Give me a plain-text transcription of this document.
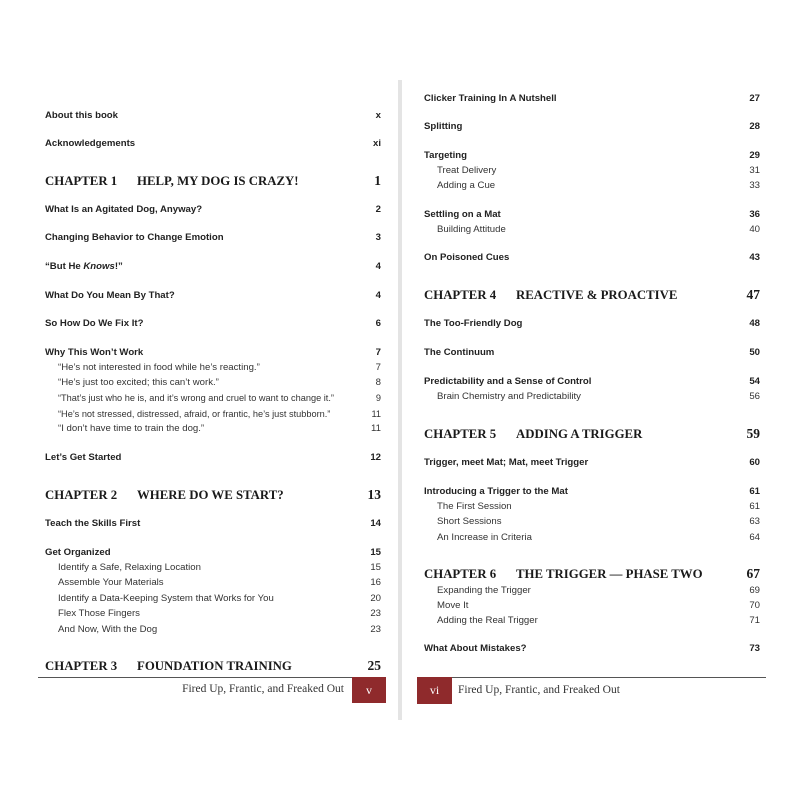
About this book	x
Acknowledgements	xi
CHAPTER 1 HELP, MY DOG IS CRAZY!	1
What Is an Agitated Dog, Anyway?	2
Changing Behavior to Change Emotion	3
“But He Knows!”	4
What Do You Mean By That?	4
So How Do We Fix It?	6
Why This Won’t Work	7
“He’s not interested in food while he’s reacting.”	7
“He’s just too excited; this can’t work.”	8
“That’s just who he is, and it’s wrong and cruel to want to change it.”	9
“He’s not stressed, distressed, afraid, or frantic, he’s just stubborn.”	11
“I don’t have time to train the dog.”	11
Let’s Get Started	12
CHAPTER 2 WHERE DO WE START?	13
Teach the Skills First	14
Get Organized	15
Identify a Safe, Relaxing Location	15
Assemble Your Materials	16
Identify a Data-Keeping System that Works for You	20
Flex Those Fingers	23
And Now, With the Dog	23
CHAPTER 3 FOUNDATION TRAINING	25
Fired Up, Frantic, and Freaked Out	v
Clicker Training In A Nutshell	27
Splitting	28
Targeting	29
Treat Delivery	31
Adding a Cue	33
Settling on a Mat	36
Building Attitude	40
On Poisoned Cues	43
CHAPTER 4 REACTIVE & PROACTIVE	47
The Too-Friendly Dog	48
The Continuum	50
Predictability and a Sense of Control	54
Brain Chemistry and Predictability	56
CHAPTER 5 ADDING A TRIGGER	59
Trigger, meet Mat; Mat, meet Trigger	60
Introducing a Trigger to the Mat	61
The First Session	61
Short Sessions	63
An Increase in Criteria	64
CHAPTER 6 THE TRIGGER — PHASE TWO	67
Expanding the Trigger	69
Move It	70
Adding the Real Trigger	71
What About Mistakes?	73
vi	Fired Up, Frantic, and Freaked Out
